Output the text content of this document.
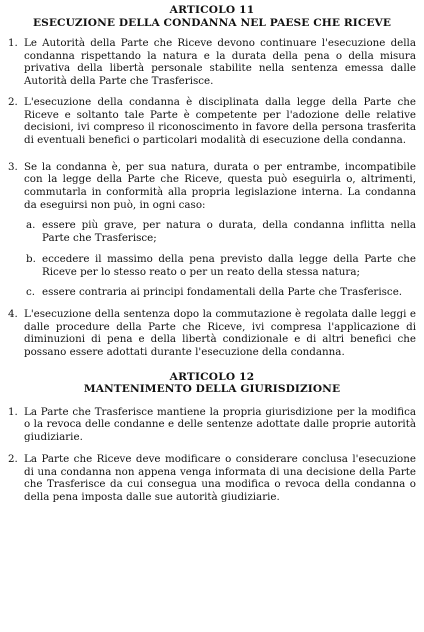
ARTICOLO 11
ESECUZIONE DELLA CONDANNA NEL PAESE CHE RICEVE
1. Le Autorità della Parte che Riceve devono continuare l'esecuzione della condanna rispettando la natura e la durata della pena o della misura privativa della libertà personale stabilite nella sentenza emessa dalle Autorità della Parte che Trasferisce.
2. L'esecuzione della condanna è disciplinata dalla legge della Parte che Riceve e soltanto tale Parte è competente per l'adozione delle relative decisioni, ivi compreso il riconoscimento in favore della persona trasferita di eventuali benefici o particolari modalità di esecuzione della condanna.
3. Se la condanna è, per sua natura, durata o per entrambe, incompatibile con la legge della Parte che Riceve, questa può eseguirla o, altrimenti, commutarla in conformità alla propria legislazione interna. La condanna da eseguirsi non può, in ogni caso:
a. essere più grave, per natura o durata, della condanna inflitta nella Parte che Trasferisce;
b. eccedere il massimo della pena previsto dalla legge della Parte che Riceve per lo stesso reato o per un reato della stessa natura;
c. essere contraria ai principi fondamentali della Parte che Trasferisce.
4. L'esecuzione della sentenza dopo la commutazione è regolata dalle leggi e dalle procedure della Parte che Riceve, ivi compresa l'applicazione di diminuzioni di pena e della libertà condizionale e di altri benefici che possano essere adottati durante l'esecuzione della condanna.
ARTICOLO 12
MANTENIMENTO DELLA GIURISDIZIONE
1. La Parte che Trasferisce mantiene la propria giurisdizione per la modifica o la revoca delle condanne e delle sentenze adottate dalle proprie autorità giudiziarie.
2. La Parte che Riceve deve modificare o considerare conclusa l'esecuzione di una condanna non appena venga informata di una decisione della Parte che Trasferisce da cui consegua una modifica o revoca della condanna o della pena imposta dalle sue autorità giudiziarie.
